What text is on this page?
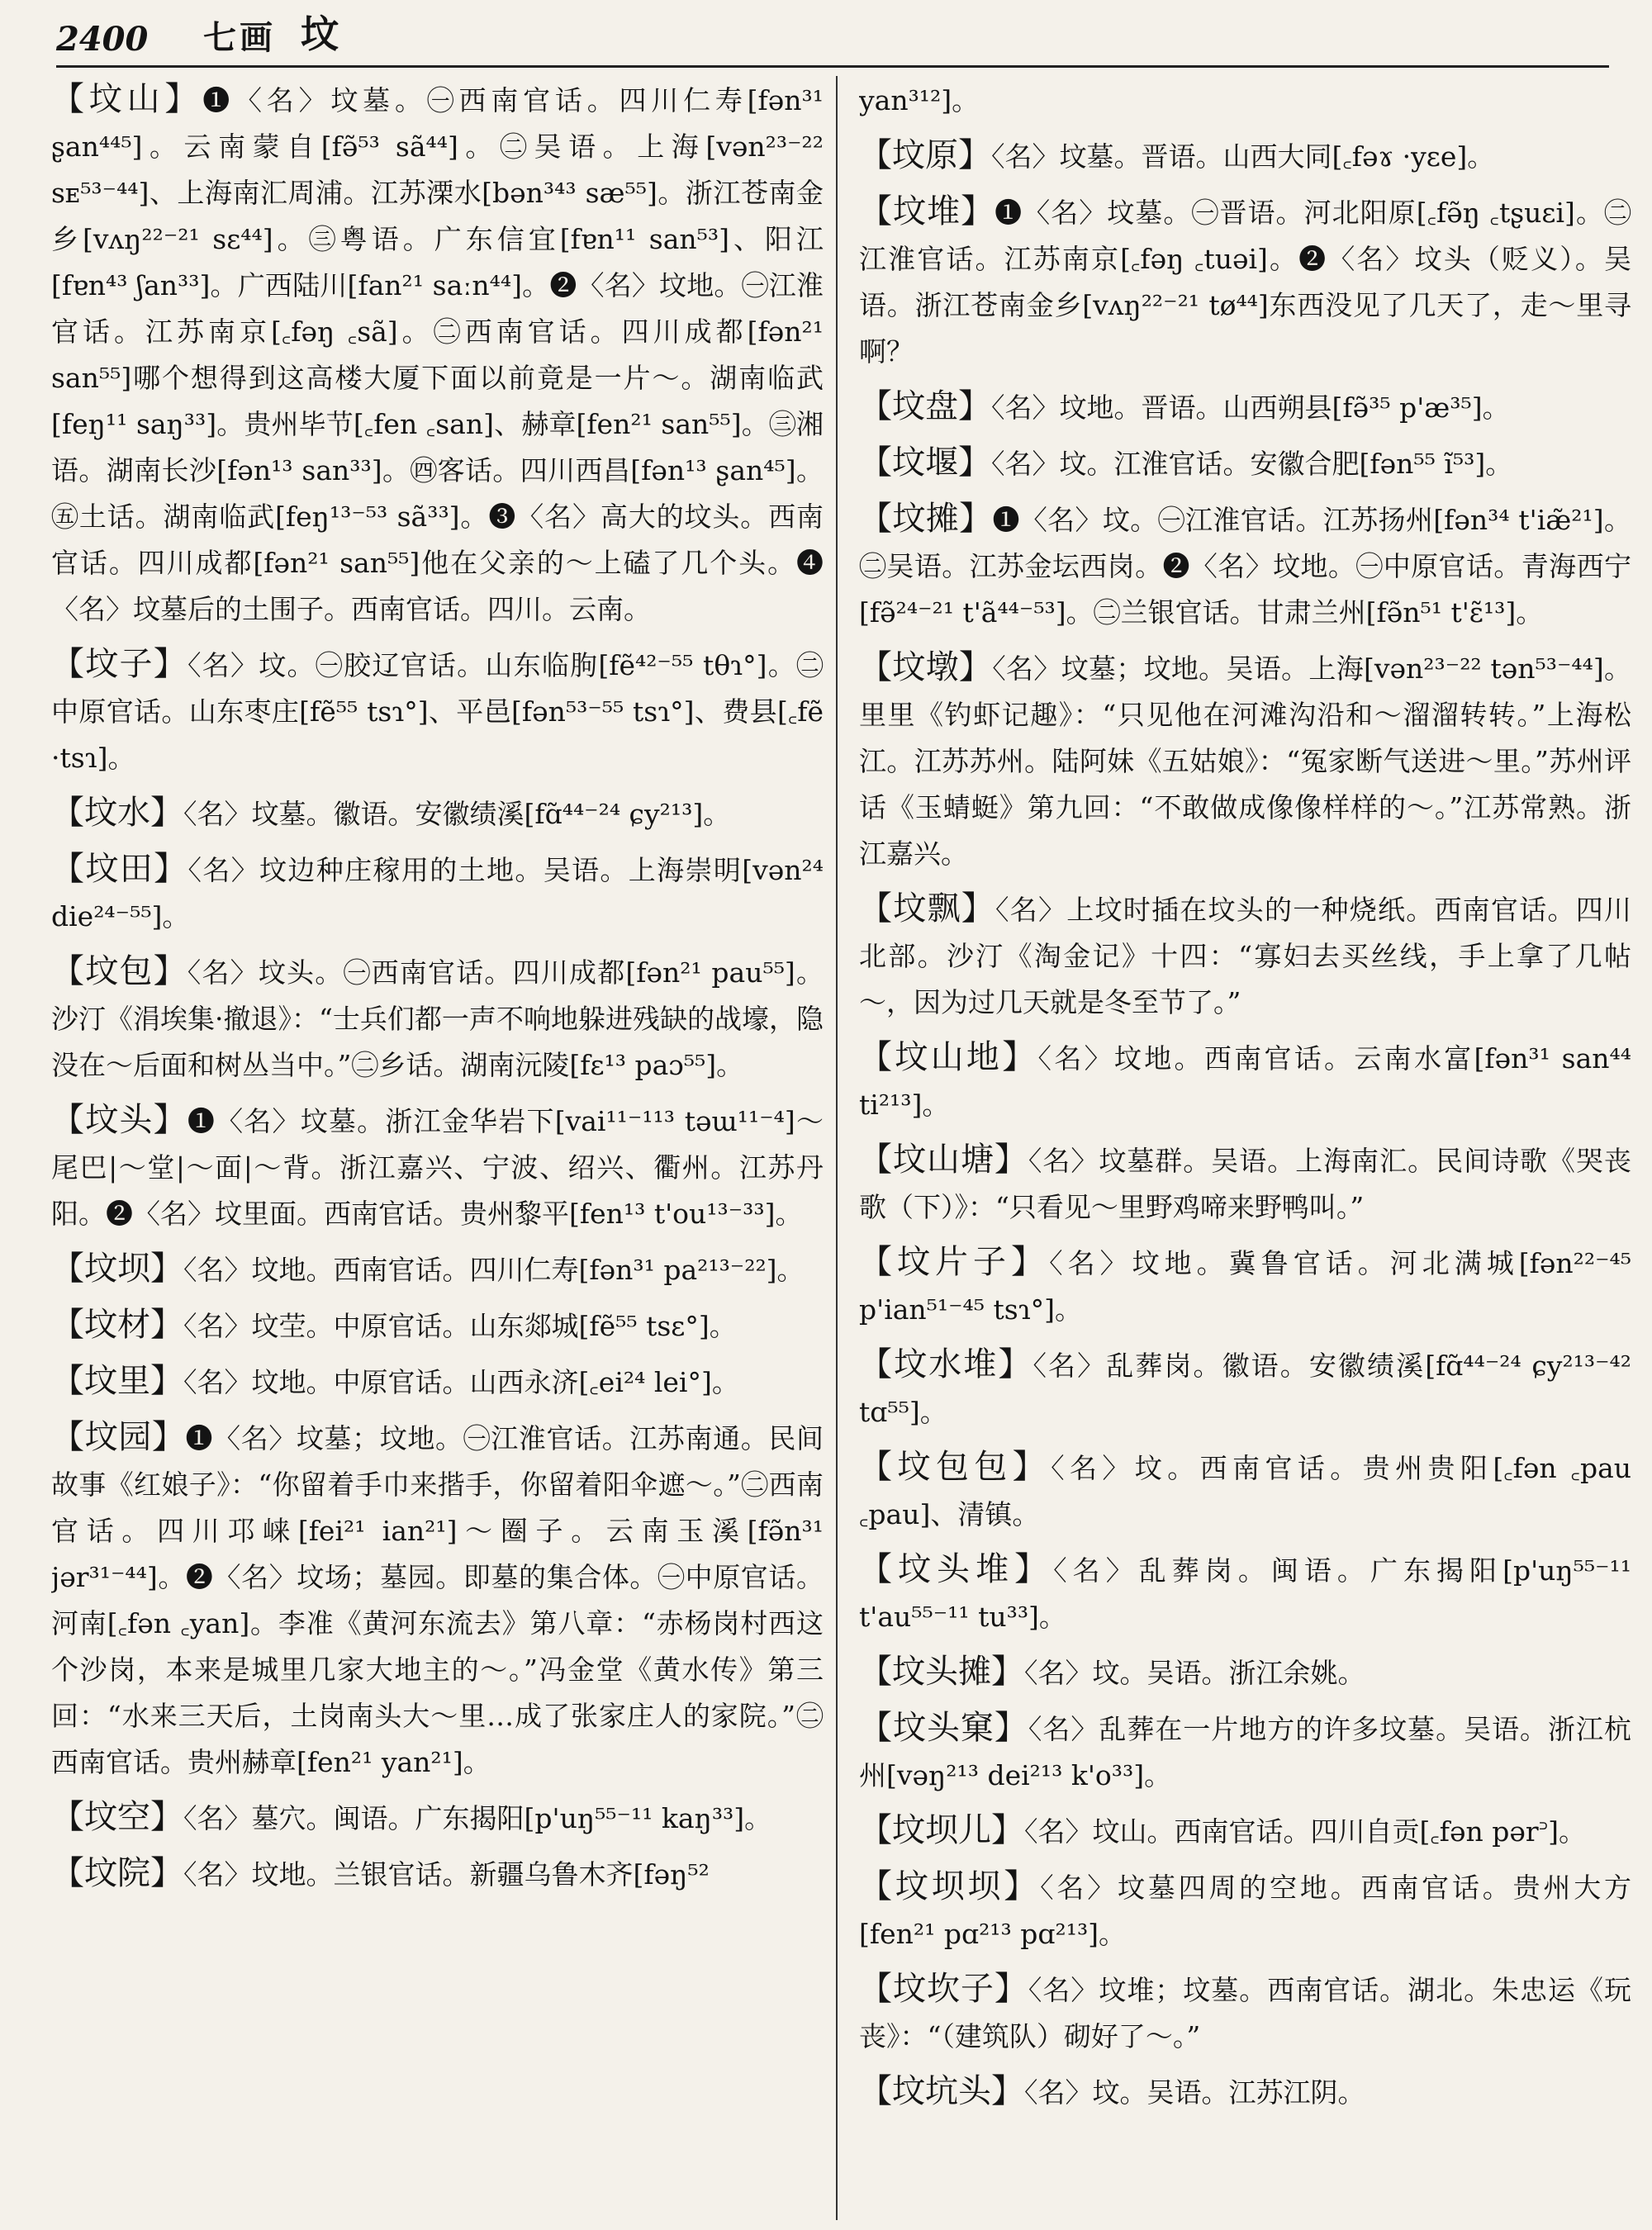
2400	七画 坟

【坟山】❶〈名〉坟墓。㊀西南官话。四川仁寿[fən³¹ ʂan⁴⁴⁵]。云南蒙自[fə̃⁵³ sã⁴⁴]。㊁吴语。上海[vən²³⁻²² sᴇ⁵³⁻⁴⁴]、上海南汇周浦。江苏溧水[bən³⁴³ sæ⁵⁵]。浙江苍南金乡[vʌŋ²²⁻²¹ sɛ⁴⁴]。㊂粤语。广东信宜[fɐn¹¹ san⁵³]、阳江[fɐn⁴³ ʃan³³]。广西陆川[fan²¹ saːn⁴⁴]。❷〈名〉坟地。㊀江淮官话。江苏南京[꜀fəŋ ꜀sã]。㊁西南官话。四川成都[fən²¹ san⁵⁵]哪个想得到这高楼大厦下面以前竟是一片～。湖南临武[feŋ¹¹ saŋ³³]。贵州毕节[꜀fen ꜀san]、赫章[fen²¹ san⁵⁵]。㊂湘语。湖南长沙[fən¹³ san³³]。㊃客话。四川西昌[fən¹³ ʂan⁴⁵]。㊄土话。湖南临武[feŋ¹³⁻⁵³ sã³³]。❸〈名〉高大的坟头。西南官话。四川成都[fən²¹ san⁵⁵]他在父亲的～上磕了几个头。❹〈名〉坟墓后的土围子。西南官话。四川。云南。

【坟子】〈名〉坟。㊀胶辽官话。山东临朐[fẽ⁴²⁻⁵⁵ tθɿ°]。㊁中原官话。山东枣庄[fẽ⁵⁵ tsɿ°]、平邑[fən⁵³⁻⁵⁵ tsɿ°]、费县[꜀fẽ ·tsɿ]。

【坟水】〈名〉坟墓。徽语。安徽绩溪[fɑ̃⁴⁴⁻²⁴ ɕy²¹³]。

【坟田】〈名〉坟边种庄稼用的土地。吴语。上海崇明[vən²⁴ die²⁴⁻⁵⁵]。

【坟包】〈名〉坟头。㊀西南官话。四川成都[fən²¹ pau⁵⁵]。沙汀《涓埃集·撤退》：“士兵们都一声不响地躲进残缺的战壕，隐没在～后面和树丛当中。”㊁乡话。湖南沅陵[fɛ¹³ paɔ⁵⁵]。

【坟头】❶〈名〉坟墓。浙江金华岩下[vai¹¹⁻¹¹³ təɯ¹¹⁻⁴]～尾巴|～堂|～面|～背。浙江嘉兴、宁波、绍兴、衢州。江苏丹阳。❷〈名〉坟里面。西南官话。贵州黎平[fen¹³ t'ou¹³⁻³³]。

【坟坝】〈名〉坟地。西南官话。四川仁寿[fən³¹ pa²¹³⁻²²]。

【坟材】〈名〉坟茔。中原官话。山东郯城[fẽ⁵⁵ tsɛ°]。

【坟里】〈名〉坟地。中原官话。山西永济[꜀ei²⁴ lei°]。

【坟园】❶〈名〉坟墓；坟地。㊀江淮官话。江苏南通。民间故事《红娘子》：“你留着手巾来揩手，你留着阳伞遮～。”㊁西南官话。四川邛崃[fei²¹ ian²¹]～圈子。云南玉溪[fə̃n³¹ jər³¹⁻⁴⁴]。❷〈名〉坟场；墓园。即墓的集合体。㊀中原官话。河南[꜀fən ꜀yan]。李准《黄河东流去》第八章：“赤杨岗村西这个沙岗，本来是城里几家大地主的～。”冯金堂《黄水传》第三回：“水来三天后，土岗南头大～里…成了张家庄人的家院。”㊁西南官话。贵州赫章[fen²¹ yan²¹]。

【坟空】〈名〉墓穴。闽语。广东揭阳[p'uŋ⁵⁵⁻¹¹ kaŋ³³]。

【坟院】〈名〉坟地。兰银官话。新疆乌鲁木齐[fəŋ⁵²

yan³¹²]。

【坟原】〈名〉坟墓。晋语。山西大同[꜀fəɤ ·yɛe]。

【坟堆】❶〈名〉坟墓。㊀晋语。河北阳原[꜀fə̃ŋ ꜀tʂuɛi]。㊁江淮官话。江苏南京[꜀fəŋ ꜀tuəi]。❷〈名〉坟头（贬义）。吴语。浙江苍南金乡[vʌŋ²²⁻²¹ tø⁴⁴]东西没见了几天了，走～里寻啊？

【坟盘】〈名〉坟地。晋语。山西朔县[fə̃³⁵ p'æ³⁵]。

【坟堰】〈名〉坟。江淮官话。安徽合肥[fən⁵⁵ ĩ⁵³]。

【坟摊】❶〈名〉坟。㊀江淮官话。江苏扬州[fən³⁴ t'iæ̃²¹]。㊁吴语。江苏金坛西岗。❷〈名〉坟地。㊀中原官话。青海西宁[fə̃²⁴⁻²¹ t'ã⁴⁴⁻⁵³]。㊁兰银官话。甘肃兰州[fə̃n⁵¹ t'ɛ̃¹³]。

【坟墩】〈名〉坟墓；坟地。吴语。上海[vən²³⁻²² tən⁵³⁻⁴⁴]。里里《钓虾记趣》：“只见他在河滩沟沿和～溜溜转转。”上海松江。江苏苏州。陆阿妹《五姑娘》：“冤家断气送进～里。”苏州评话《玉蜻蜓》第九回：“不敢做成像像样样的～。”江苏常熟。浙江嘉兴。

【坟飘】〈名〉上坟时插在坟头的一种烧纸。西南官话。四川北部。沙汀《淘金记》十四：“寡妇去买丝线，手上拿了几帖～，因为过几天就是冬至节了。”

【坟山地】〈名〉坟地。西南官话。云南水富[fən³¹ san⁴⁴ ti²¹³]。

【坟山塘】〈名〉坟墓群。吴语。上海南汇。民间诗歌《哭丧歌（下）》：“只看见～里野鸡啼来野鸭叫。”

【坟片子】〈名〉坟地。冀鲁官话。河北满城[fən²²⁻⁴⁵ p'ian⁵¹⁻⁴⁵ tsɿ°]。

【坟水堆】〈名〉乱葬岗。徽语。安徽绩溪[fɑ̃⁴⁴⁻²⁴ ɕy²¹³⁻⁴² tɑ⁵⁵]。

【坟包包】〈名〉坟。西南官话。贵州贵阳[꜀fən ꜀pau ꜀pau]、清镇。

【坟头堆】〈名〉乱葬岗。闽语。广东揭阳[p'uŋ⁵⁵⁻¹¹ t'au⁵⁵⁻¹¹ tu³³]。

【坟头摊】〈名〉坟。吴语。浙江余姚。

【坟头窠】〈名〉乱葬在一片地方的许多坟墓。吴语。浙江杭州[vəŋ²¹³ dei²¹³ k'o³³]。

【坟坝儿】〈名〉坟山。西南官话。四川自贡[꜀fən pər꜄]。

【坟坝坝】〈名〉坟墓四周的空地。西南官话。贵州大方[fen²¹ pɑ²¹³ pɑ²¹³]。

【坟坎子】〈名〉坟堆；坟墓。西南官话。湖北。朱忠运《玩丧》：“（建筑队）砌好了～。”

【坟坑头】〈名〉坟。吴语。江苏江阴。
